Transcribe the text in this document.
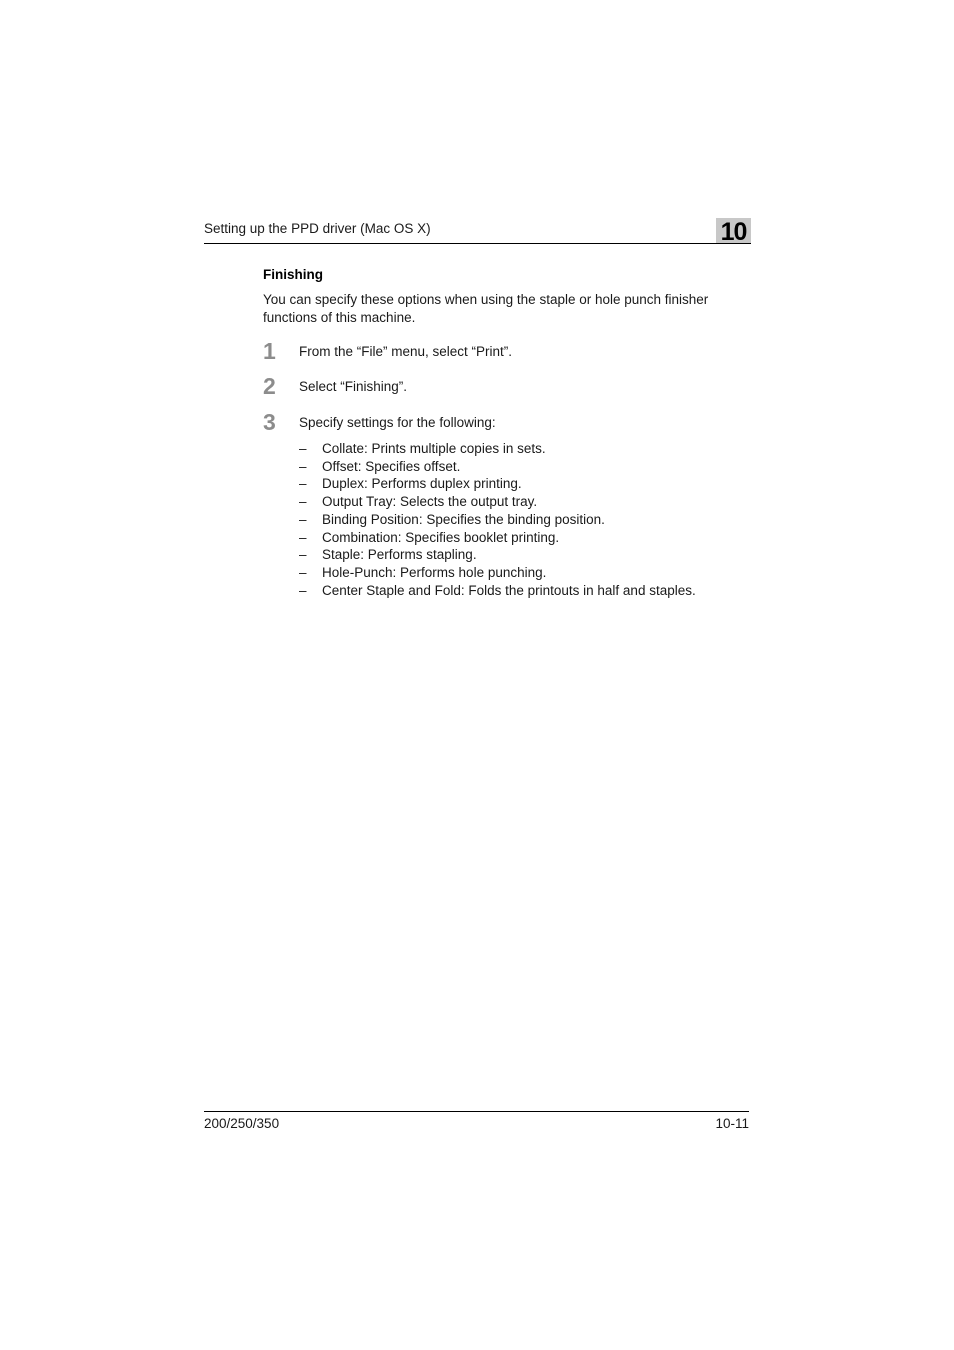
Setting up the PPD driver (Mac OS X)	10
Finishing
You can specify these options when using the staple or hole punch finisher functions of this machine.
1 From the “File” menu, select “Print”.
2 Select “Finishing”.
3 Specify settings for the following:
– Collate: Prints multiple copies in sets.
– Offset: Specifies offset.
– Duplex: Performs duplex printing.
– Output Tray: Selects the output tray.
– Binding Position: Specifies the binding position.
– Combination: Specifies booklet printing.
– Staple: Performs stapling.
– Hole-Punch: Performs hole punching.
– Center Staple and Fold: Folds the printouts in half and staples.
200/250/350	10-11
